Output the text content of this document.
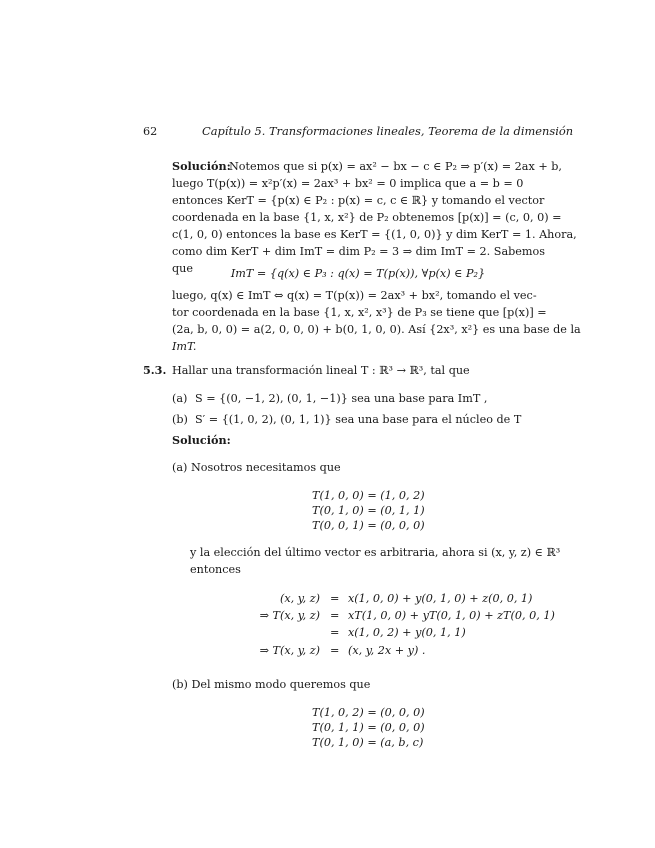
62	Capítulo 5. Transformaciones lineales, Teorema de la dimensión
Solución:
Notemos que si p(x) = ax² − bx − c ∈ P₂ ⇒ p′(x) = 2ax + b,
luego T(p(x)) = x²p′(x) = 2ax³ + bx² = 0 implica que a = b = 0
entonces KerT = {p(x) ∈ P₂ : p(x) = c, c ∈ ℝ} y tomando el vector
coordenada en la base {1, x, x²} de P₂ obtenemos [p(x)] = (c, 0, 0) =
c(1, 0, 0) entonces la base es KerT = {(1, 0, 0)} y dim KerT = 1. Ahora,
como dim KerT + dim ImT = dim P₂ = 3 ⇒ dim ImT = 2. Sabemos
que	ImT = {q(x) ∈ P₃ : q(x) = T(p(x)), ∀p(x) ∈ P₂}
luego, q(x) ∈ ImT ⇔ q(x) = T(p(x)) = 2ax³ + bx², tomando el vec-
tor coordenada en la base {1, x, x², x³} de P₃ se tiene que [p(x)] =
(2a, b, 0, 0) = a(2, 0, 0, 0) + b(0, 1, 0, 0). Así {2x³, x²} es una base de la
ImT.
5.3. Hallar una transformación lineal T : ℝ³ → ℝ³, tal que
(a) S = {(0, −1, 2), (0, 1, −1)} sea una base para ImT ,
(b) S′ = {(1, 0, 2), (0, 1, 1)} sea una base para el núcleo de T
Solución:
(a) Nosotros necesitamos que
T(1, 0, 0) = (1, 0, 2)
T(0, 1, 0) = (0, 1, 1)
T(0, 0, 1) = (0, 0, 0)
y la elección del último vector es arbitraria, ahora si (x, y, z) ∈ ℝ³
entonces
(x, y, z) = x(1, 0, 0) + y(0, 1, 0) + z(0, 0, 1)
⇒ T(x, y, z) = xT(1, 0, 0) + yT(0, 1, 0) + zT(0, 0, 1)
= x(1, 0, 2) + y(0, 1, 1)
⇒ T(x, y, z) = (x, y, 2x + y) .
(b) Del mismo modo queremos que
T(1, 0, 2) = (0, 0, 0)
T(0, 1, 1) = (0, 0, 0)
T(0, 1, 0) = (a, b, c)
